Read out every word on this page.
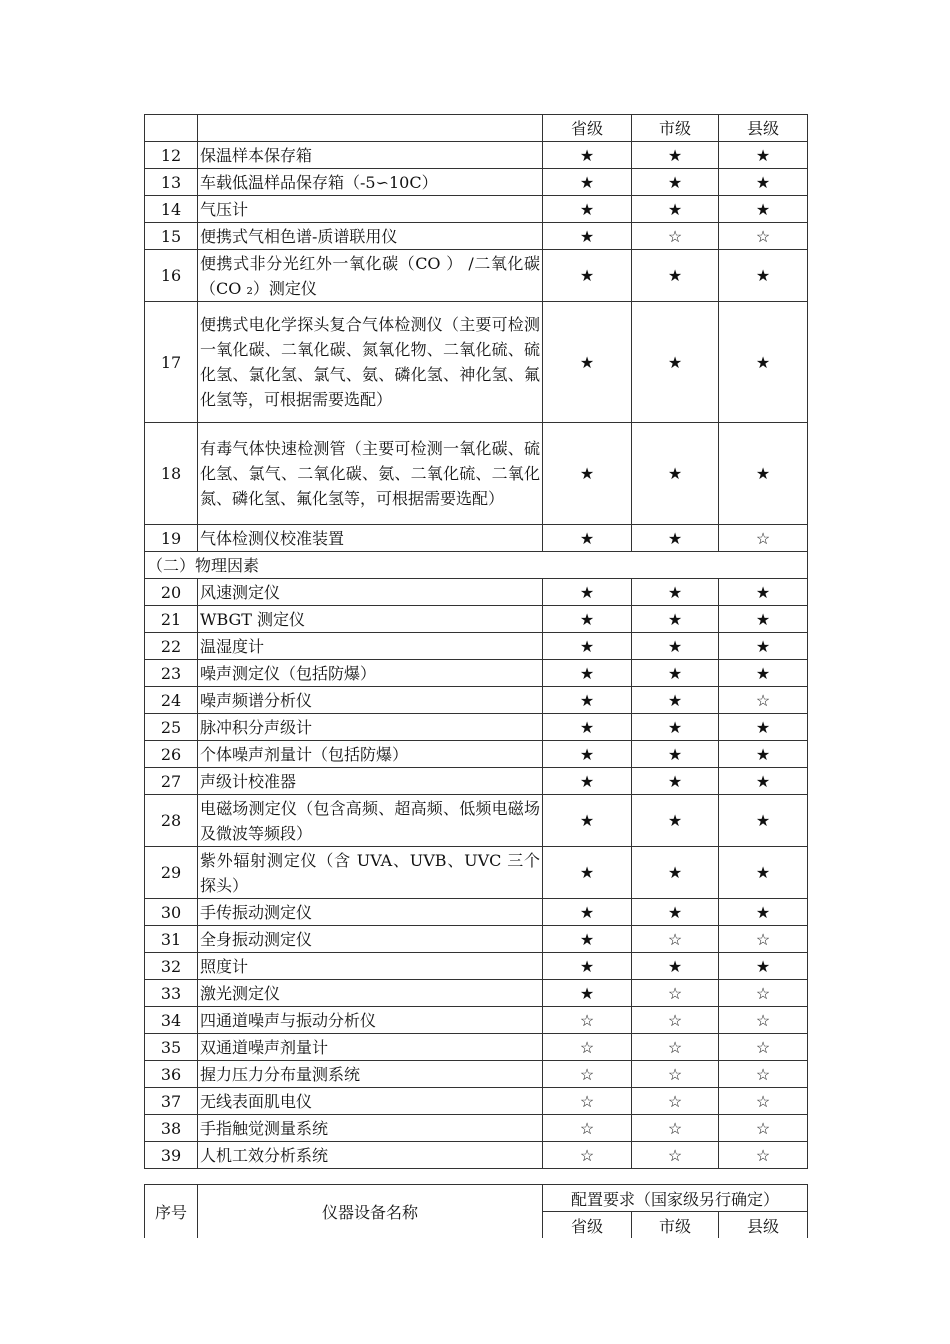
		省级	市级	县级
12	保温样本保存箱	★	★	★
13	车载低温样品保存箱（-5∽10C）	★	★	★
14	气压计	★	★	★
15	便携式气相色谱-质谱联用仪	★	☆	☆
16	便携式非分光红外一氧化碳（CO ） /二氧化碳（CO ₂）测定仪	★	★	★
17	便携式电化学探头复合气体检测仪（主要可检测一氧化碳、二氧化碳、氮氧化物、二氧化硫、硫化氢、氯化氢、氯气、氨、磷化氢、神化氢、氟化氢等，可根据需要选配）	★	★	★
18	有毒气体快速检测管（主要可检测一氧化碳、硫化氢、氯气、二氧化碳、氨、二氧化硫、二氧化氮、磷化氢、氟化氢等，可根据需要选配）	★	★	★
19	气体检测仪校准装置	★	★	☆
（二）物理因素				
20	风速测定仪	★	★	★
21	WBGT 测定仪	★	★	★
22	温湿度计	★	★	★
23	噪声测定仪（包括防爆）	★	★	★
24	噪声频谱分析仪	★	★	☆
25	脉冲积分声级计	★	★	★
26	个体噪声剂量计（包括防爆）	★	★	★
27	声级计校准器	★	★	★
28	电磁场测定仪（包含高频、超高频、低频电磁场及微波等频段）	★	★	★
29	紫外辐射测定仪（含 UVA、UVB、UVC 三个探头）	★	★	★
30	手传振动测定仪	★	★	★
31	全身振动测定仪	★	☆	☆
32	照度计	★	★	★
33	激光测定仪	★	☆	☆
34	四通道噪声与振动分析仪	☆	☆	☆
35	双通道噪声剂量计	☆	☆	☆
36	握力压力分布量测系统	☆	☆	☆
37	无线表面肌电仪	☆	☆	☆
38	手指触觉测量系统	☆	☆	☆
39	人机工效分析系统	☆	☆	☆
序号	仪器设备名称	配置要求（国家级另行确定）		
		省级	市级	县级
